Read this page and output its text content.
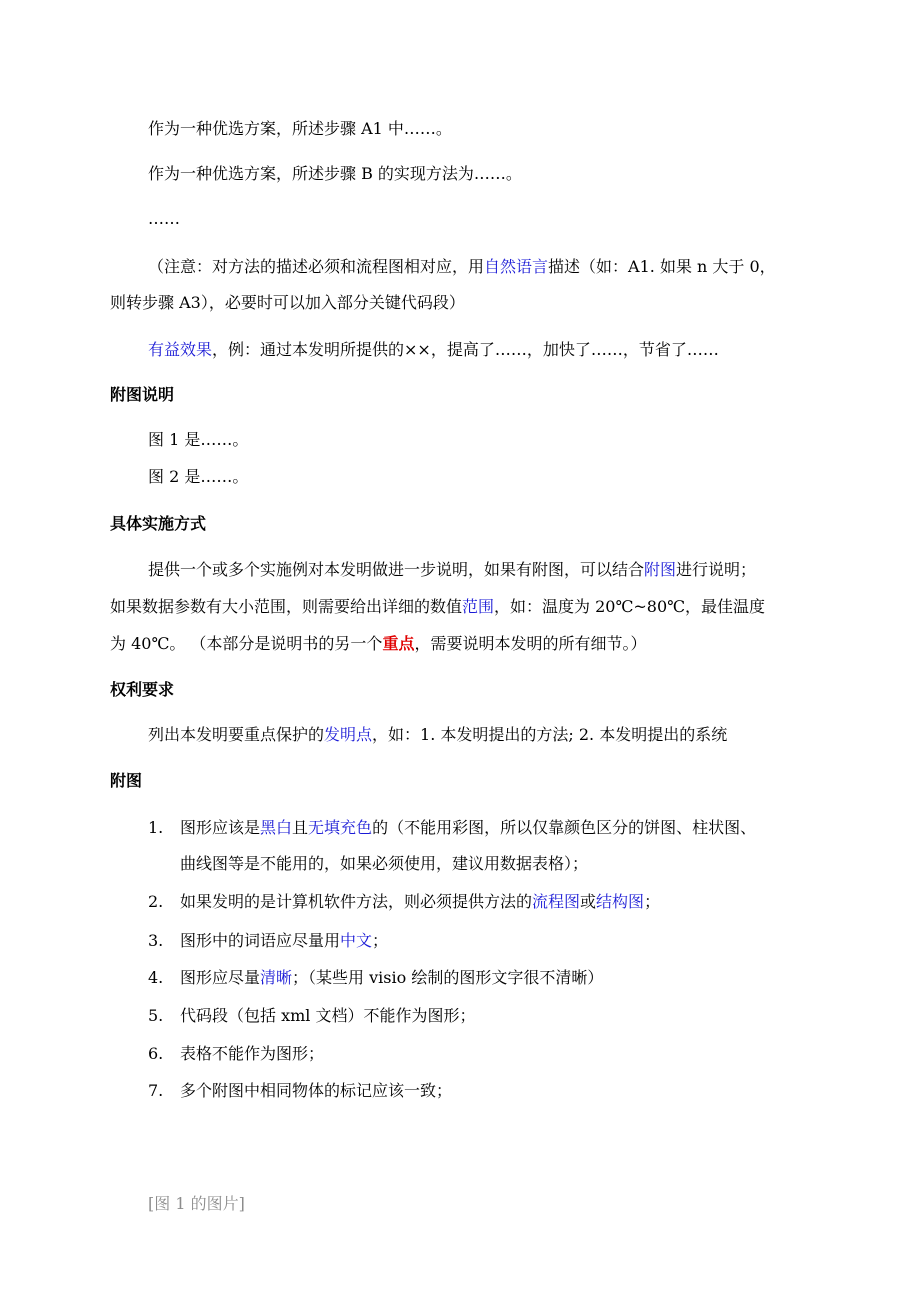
作为一种优选方案，所述步骤 A1 中……。
作为一种优选方案，所述步骤 B 的实现方法为……。
……
（注意：对方法的描述必须和流程图相对应，用自然语言描述（如：A1. 如果 n 大于 0，
则转步骤 A3），必要时可以加入部分关键代码段）
有益效果，例：通过本发明所提供的××，提高了……，加快了……，节省了……
附图说明
图 1 是……。
图 2 是……。
具体实施方式
提供一个或多个实施例对本发明做进一步说明，如果有附图，可以结合附图进行说明；
如果数据参数有大小范围，则需要给出详细的数值范围，如：温度为 20℃~80℃，最佳温度
为 40℃。 （本部分是说明书的另一个重点，需要说明本发明的所有细节。）
权利要求
列出本发明要重点保护的发明点，如：1. 本发明提出的方法; 2. 本发明提出的系统
附图
1. 图形应该是黑白且无填充色的（不能用彩图，所以仅靠颜色区分的饼图、柱状图、
曲线图等是不能用的，如果必须使用，建议用数据表格）；
2. 如果发明的是计算机软件方法，则必须提供方法的流程图或结构图；
3. 图形中的词语应尽量用中文；
4. 图形应尽量清晰；（某些用 visio 绘制的图形文字很不清晰）
5. 代码段（包括 xml 文档）不能作为图形；
6. 表格不能作为图形；
7. 多个附图中相同物体的标记应该一致；
[图 1 的图片]
